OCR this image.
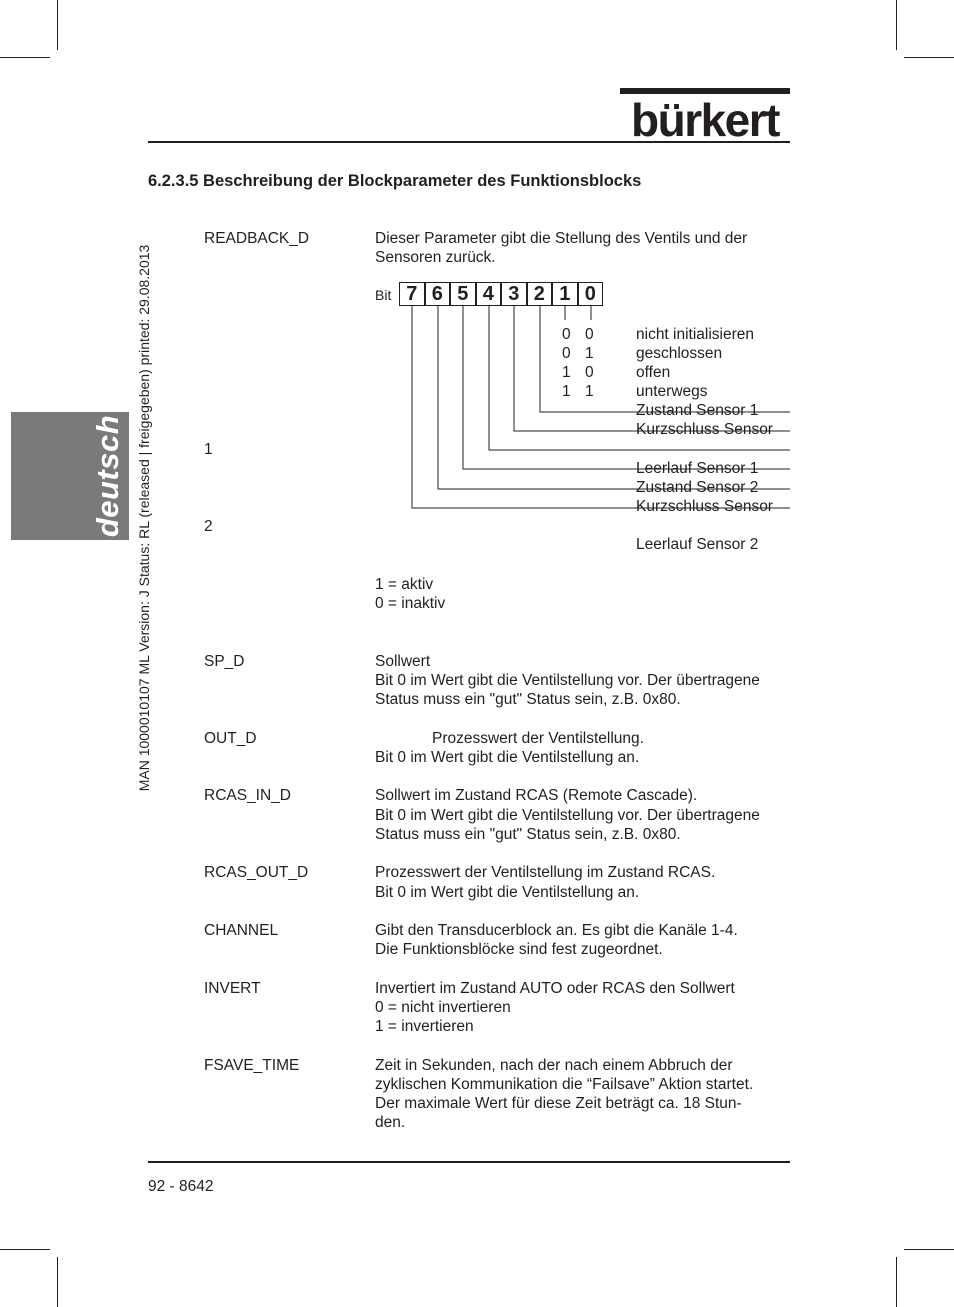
bürkert
deutsch MAN 1000010107 ML Version: J Status: RL (released | freigegeben) printed: 29.08.2013
6.2.3.5 Beschreibung der Blockparameter des Funktionsblocks
READBACK_D	Dieser Parameter gibt die Stellung des Ventils und der
Sensoren zurück.
Bit 7 6 5 4 3 2 1 0
0 0	nicht initialisieren
0 1	geschlossen
1 0	offen
1 1	unterwegs
Zustand Sensor 1
Kurzschluss Sensor
Leerlauf Sensor 1
Zustand Sensor 2
Kurzschluss Sensor
Leerlauf Sensor 2
1
2
1 = aktiv
0 = inaktiv
SP_D	Sollwert
Bit 0 im Wert gibt die Ventilstellung vor. Der übertragene
Status muss ein "gut" Status sein, z.B. 0x80.
OUT_D	Prozesswert der Ventilstellung.
Bit 0 im Wert gibt die Ventilstellung an.
RCAS_IN_D	Sollwert im Zustand RCAS (Remote Cascade).
Bit 0 im Wert gibt die Ventilstellung vor. Der übertragene
Status muss ein "gut" Status sein, z.B. 0x80.
RCAS_OUT_D	Prozesswert der Ventilstellung im Zustand RCAS.
Bit 0 im Wert gibt die Ventilstellung an.
CHANNEL	Gibt den Transducerblock an. Es gibt die Kanäle 1-4.
Die Funktionsblöcke sind fest zugeordnet.
INVERT	Invertiert im Zustand AUTO oder RCAS den Sollwert
0 = nicht invertieren
1 = invertieren
FSAVE_TIME	Zeit in Sekunden, nach der nach einem Abbruch der
zyklischen Kommunikation die “Failsave” Aktion startet.
Der maximale Wert für diese Zeit beträgt ca. 18 Stun-
den.
92 - 8642
